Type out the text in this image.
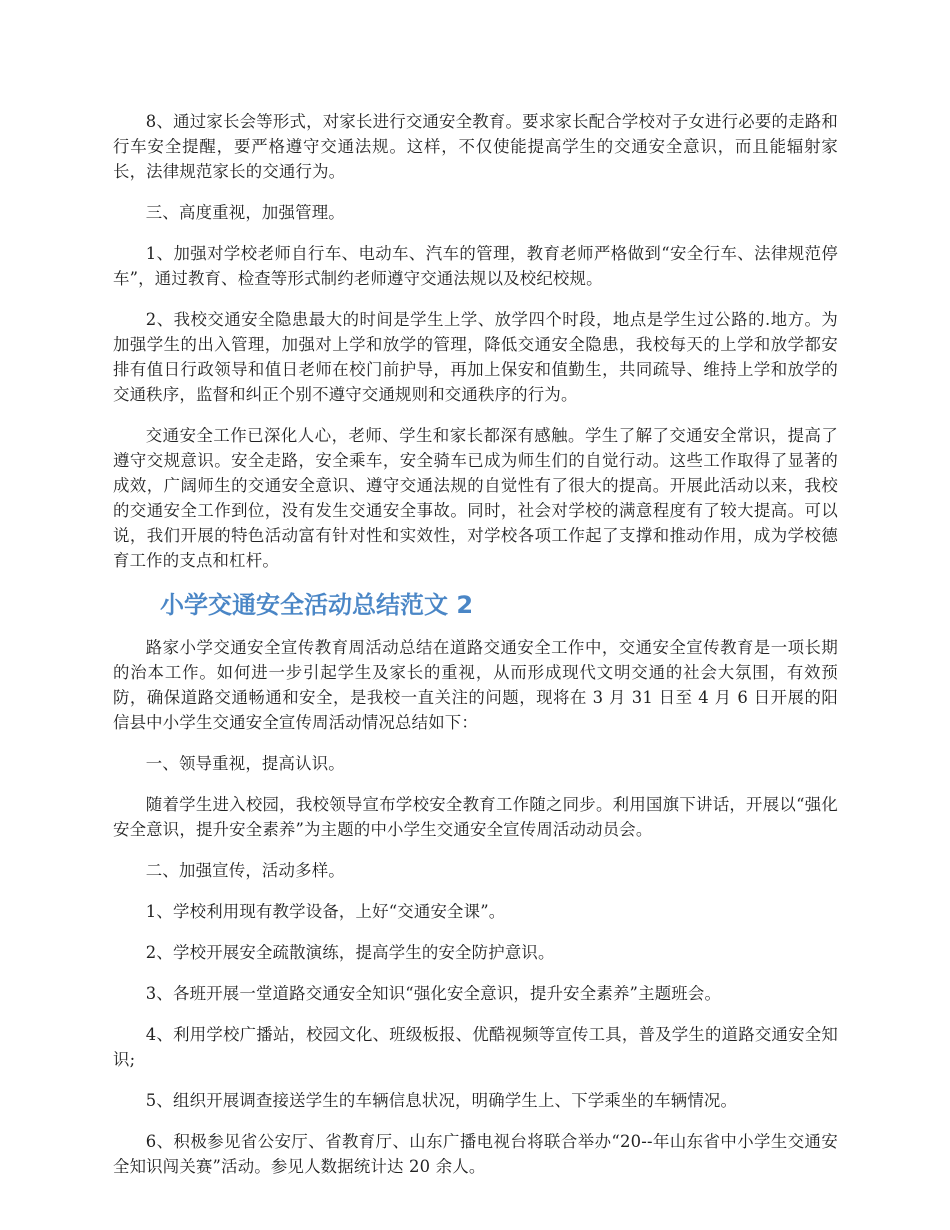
8、通过家长会等形式，对家长进行交通安全教育。要求家长配合学校对子女进行必要的走路和行车安全提醒，要严格遵守交通法规。这样，不仅使能提高学生的交通安全意识，而且能辐射家长，法律规范家长的交通行为。

三、高度重视，加强管理。

1、加强对学校老师自行车、电动车、汽车的管理，教育老师严格做到“安全行车、法律规范停车”，通过教育、检查等形式制约老师遵守交通法规以及校纪校规。

2、我校交通安全隐患最大的时间是学生上学、放学四个时段，地点是学生过公路的.地方。为加强学生的出入管理，加强对上学和放学的管理，降低交通安全隐患，我校每天的上学和放学都安排有值日行政领导和值日老师在校门前护导，再加上保安和值勤生，共同疏导、维持上学和放学的交通秩序，监督和纠正个别不遵守交通规则和交通秩序的行为。

交通安全工作已深化人心，老师、学生和家长都深有感触。学生了解了交通安全常识，提高了遵守交规意识。安全走路，安全乘车，安全骑车已成为师生们的自觉行动。这些工作取得了显著的成效，广阔师生的交通安全意识、遵守交通法规的自觉性有了很大的提高。开展此活动以来，我校的交通安全工作到位，没有发生交通安全事故。同时，社会对学校的满意程度有了较大提高。可以说，我们开展的特色活动富有针对性和实效性，对学校各项工作起了支撑和推动作用，成为学校德育工作的支点和杠杆。

小学交通安全活动总结范文 2

路家小学交通安全宣传教育周活动总结在道路交通安全工作中，交通安全宣传教育是一项长期的治本工作。如何进一步引起学生及家长的重视，从而形成现代文明交通的社会大氛围，有效预防，确保道路交通畅通和安全，是我校一直关注的问题，现将在 3 月 31 日至 4 月 6 日开展的阳信县中小学生交通安全宣传周活动情况总结如下：

一、领导重视，提高认识。

随着学生进入校园，我校领导宣布学校安全教育工作随之同步。利用国旗下讲话，开展以“强化安全意识，提升安全素养”为主题的中小学生交通安全宣传周活动动员会。

二、加强宣传，活动多样。

1、学校利用现有教学设备，上好“交通安全课”。

2、学校开展安全疏散演练，提高学生的安全防护意识。

3、各班开展一堂道路交通安全知识“强化安全意识，提升安全素养”主题班会。

4、利用学校广播站，校园文化、班级板报、优酷视频等宣传工具，普及学生的道路交通安全知识;

5、组织开展调查接送学生的车辆信息状况，明确学生上、下学乘坐的车辆情况。

6、积极参见省公安厅、省教育厅、山东广播电视台将联合举办“20--年山东省中小学生交通安全知识闯关赛”活动。参见人数据统计达 20 余人。
